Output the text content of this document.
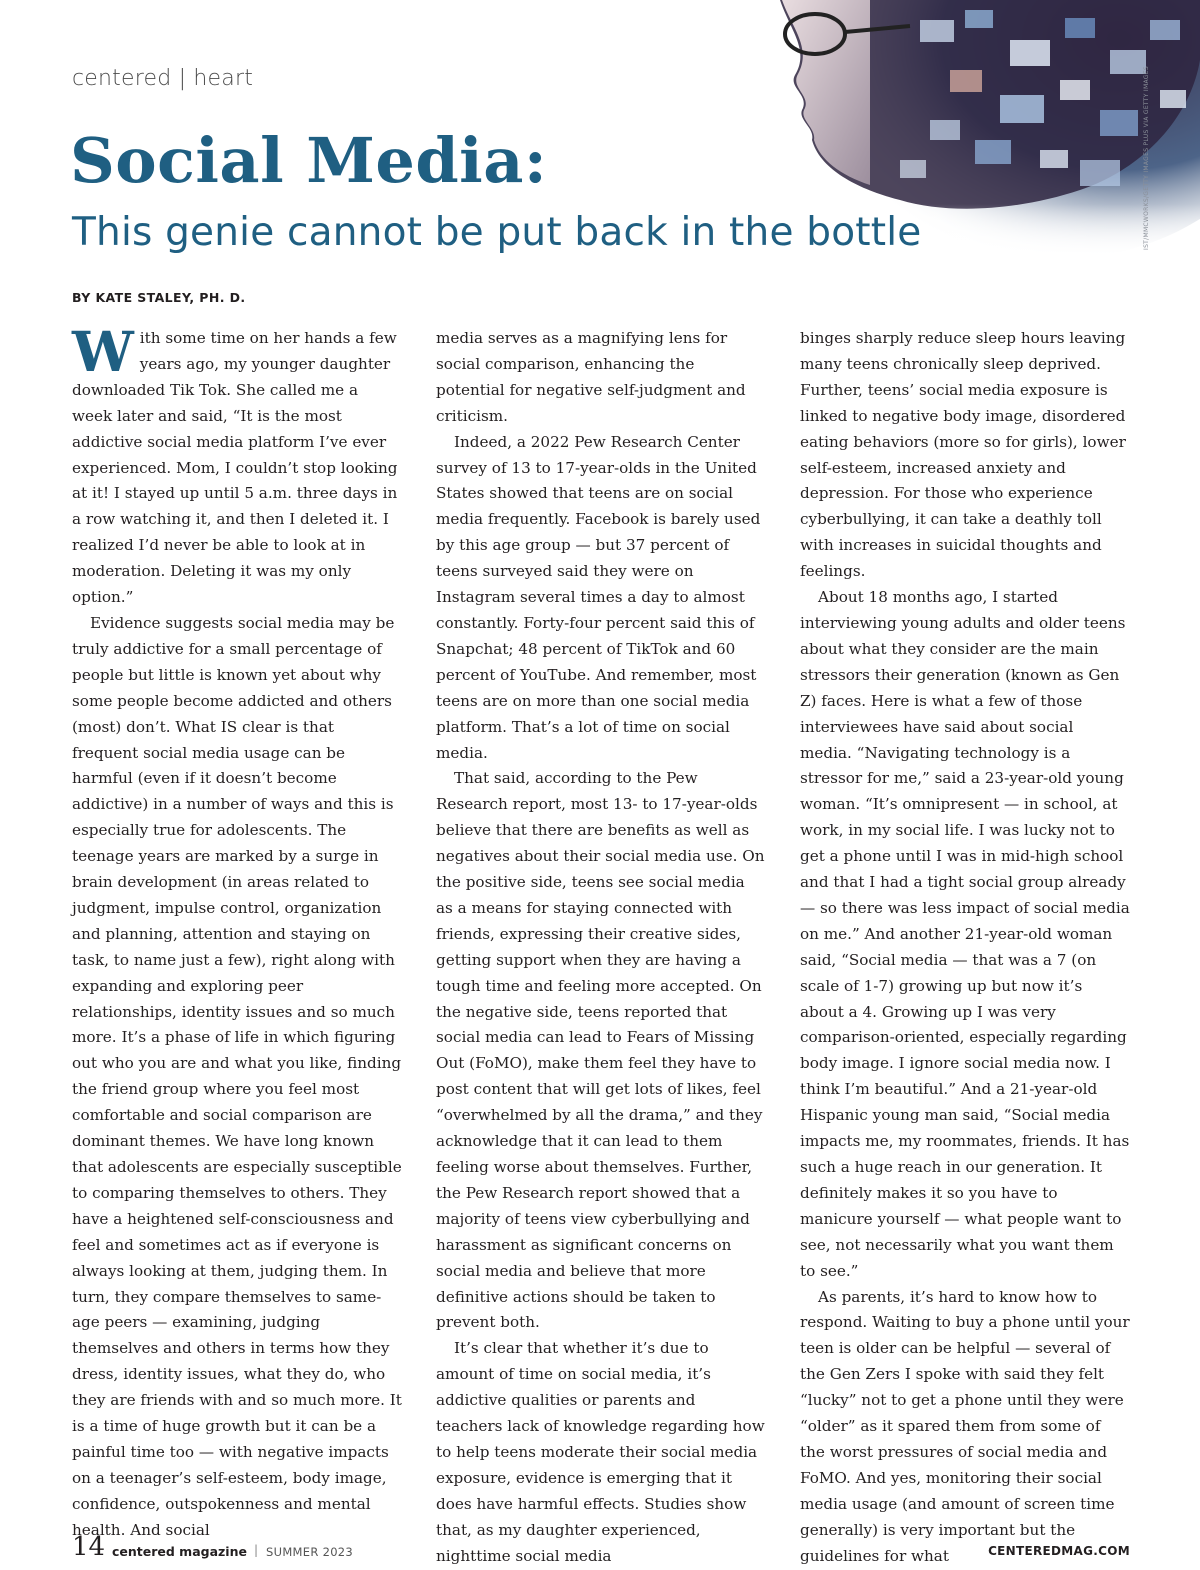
IST/MMCWORKS/GETTY IMAGES PLUS VIA GETTY IMAGES
centered | heart
Social Media:
This genie cannot be put back in the bottle
BY KATE STALEY, PH. D.

With some time on her hands a few years ago, my younger daughter downloaded Tik Tok. She called me a week later and said, “It is the most addictive social media platform I’ve ever experienced. Mom, I couldn’t stop looking at it! I stayed up until 5 a.m. three days in a row watching it, and then I deleted it. I realized I’d never be able to look at in moderation. Deleting it was my only option.”

Evidence suggests social media may be truly addictive for a small percentage of people but little is known yet about why some people become addicted and others (most) don’t. What IS clear is that frequent social media usage can be harmful (even if it doesn’t become addictive) in a number of ways and this is especially true for adolescents. The teenage years are marked by a surge in brain development (in areas related to judgment, impulse control, organization and planning, attention and staying on task, to name just a few), right along with expanding and exploring peer relationships, identity issues and so much more. It’s a phase of life in which figuring out who you are and what you like, finding the friend group where you feel most comfortable and social comparison are dominant themes. We have long known that adolescents are especially susceptible to comparing themselves to others. They have a heightened self-consciousness and feel and sometimes act as if everyone is always looking at them, judging them. In turn, they compare themselves to same-age peers — examining, judging themselves and others in terms how they dress, identity issues, what they do, who they are friends with and so much more. It is a time of huge growth but it can be a painful time too — with negative impacts on a teenager’s self-esteem, body image, confidence, outspokenness and mental health. And social

media serves as a magnifying lens for social comparison, enhancing the potential for negative self-judgment and criticism.

Indeed, a 2022 Pew Research Center survey of 13 to 17-year-olds in the United States showed that teens are on social media frequently. Facebook is barely used by this age group — but 37 percent of teens surveyed said they were on Instagram several times a day to almost constantly. Forty-four percent said this of Snapchat; 48 percent of TikTok and 60 percent of YouTube. And remember, most teens are on more than one social media platform. That’s a lot of time on social media.

That said, according to the Pew Research report, most 13- to 17-year-olds believe that there are benefits as well as negatives about their social media use. On the positive side, teens see social media as a means for staying connected with friends, expressing their creative sides, getting support when they are having a tough time and feeling more accepted. On the negative side, teens reported that social media can lead to Fears of Missing Out (FoMO), make them feel they have to post content that will get lots of likes, feel “overwhelmed by all the drama,” and they acknowledge that it can lead to them feeling worse about themselves. Further, the Pew Research report showed that a majority of teens view cyberbullying and harassment as significant concerns on social media and believe that more definitive actions should be taken to prevent both.

It’s clear that whether it’s due to amount of time on social media, it’s addictive qualities or parents and teachers lack of knowledge regarding how to help teens moderate their social media exposure, evidence is emerging that it does have harmful effects. Studies show that, as my daughter experienced, nighttime social media

binges sharply reduce sleep hours leaving many teens chronically sleep deprived. Further, teens’ social media exposure is linked to negative body image, disordered eating behaviors (more so for girls), lower self-esteem, increased anxiety and depression. For those who experience cyberbullying, it can take a deathly toll with increases in suicidal thoughts and feelings.

About 18 months ago, I started interviewing young adults and older teens about what they consider are the main stressors their generation (known as Gen Z) faces. Here is what a few of those interviewees have said about social media. “Navigating technology is a stressor for me,” said a 23-year-old young woman. “It’s omnipresent — in school, at work, in my social life. I was lucky not to get a phone until I was in mid-high school and that I had a tight social group already — so there was less impact of social media on me.” And another 21-year-old woman said, “Social media — that was a 7 (on scale of 1-7) growing up but now it’s about a 4. Growing up I was very comparison-oriented, especially regarding body image. I ignore social media now. I think I’m beautiful.” And a 21-year-old Hispanic young man said, “Social media impacts me, my roommates, friends. It has such a huge reach in our generation. It definitely makes it so you have to manicure yourself — what people want to see, not necessarily what you want them to see.”

As parents, it’s hard to know how to respond. Waiting to buy a phone until your teen is older can be helpful — several of the Gen Zers I spoke with said they felt “lucky” not to get a phone until they were “older” as it spared them from some of the worst pressures of social media and FoMO. And yes, monitoring their social media usage (and amount of screen time generally) is very important but the guidelines for what

14 centered magazine | SUMMER 2023	CENTEREDMAG.COM
